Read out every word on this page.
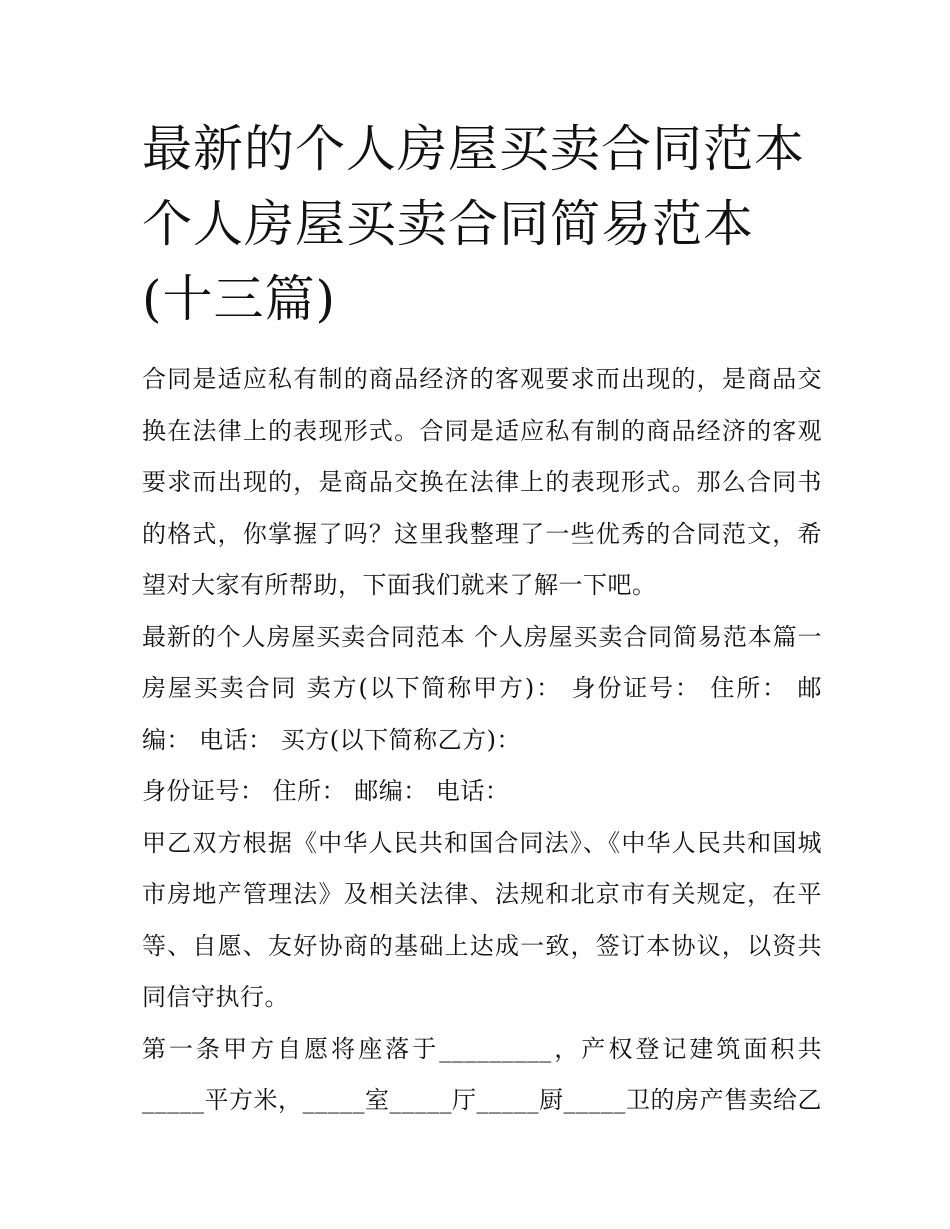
最新的个人房屋买卖合同范本 个人房屋买卖合同简易范本(十三篇)

合同是适应私有制的商品经济的客观要求而出现的，是商品交换在法律上的表现形式。合同是适应私有制的商品经济的客观要求而出现的，是商品交换在法律上的表现形式。那么合同书的格式，你掌握了吗？这里我整理了一些优秀的合同范文，希望对大家有所帮助，下面我们就来了解一下吧。

最新的个人房屋买卖合同范本 个人房屋买卖合同简易范本篇一 房屋买卖合同 卖方(以下简称甲方)： 身份证号： 住所： 邮编： 电话： 买方(以下简称乙方)：

身份证号： 住所： 邮编： 电话：

甲乙双方根据《中华人民共和国合同法》、《中华人民共和国城市房地产管理法》及相关法律、法规和北京市有关规定，在平等、自愿、友好协商的基础上达成一致，签订本协议，以资共同信守执行。

第一条甲方自愿将座落于_________，产权登记建筑面积共_____平方米，_____室_____厅_____厨_____卫的房产售卖给乙
